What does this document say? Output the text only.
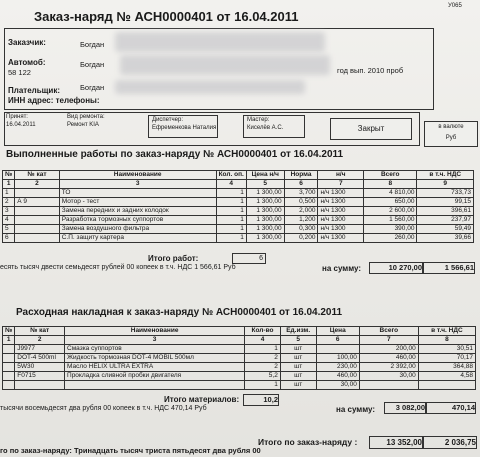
У065
Заказ-наряд № АСН0000401 от 16.04.2011
Заказчик:	Богдан
Автомоб:	Богдан
58 122	год вып. 2010 проб
Плательщик:	Богдан
ИНН адрес: телефоны:
Принят:
16.04.2011
Вид ремонта:
Ремонт KIA
Диспетчер:
Ефременкова Наталия
Мастер:
Киселёв А.С.	Закрыт	в валюте
Руб
Выполненные работы по заказ-наряду № АСН0000401 от 16.04.2011
№	№ кат	Наименование	Кол. оп.	Цена н/ч	Норма	н/ч	Всего	в т.ч. НДС
1	2	3	4	5	6	7	8	9
1		ТО	1	1 300,00	3,700	н/ч 1300	4 810,00	733,73
2	А 9	Мотор - тест	1	1 300,00	0,500	н/ч 1300	650,00	99,15
3		Замена передних и задних колодок	1	1 300,00	2,000	н/ч 1300	2 600,00	396,61
4		Разработка тормозных суппортов	1	1 300,00	1,200	н/ч 1300	1 560,00	237,97
5		Замена воздушного фильтра	1	1 300,00	0,300	н/ч 1300	390,00	59,49
6		С.П. защиту картера	1	1 300,00	0,200	н/ч 1300	260,00	39,66
Итого работ:	6
на сумму:	10 270,00	1 566,61
есять тысяч двести семьдесят рублей 00 копеек в т.ч. НДС 1 566,61 Руб
Расходная накладная к заказ-наряду № АСН0000401 от 16.04.2011
№	№ кат	Наименование	Кол-во	Ед.изм.	Цена	Всего	в т.ч. НДС
1	2	3	4	5	6	7	8
	J9977	Смазка суппортов	1	шт		200,00	30,51
	DOT-4 500ml	Жидкость тормозная DOT-4 MOBIL 500мл	2	шт	100,00	460,00	70,17
	5W30	Масло HELIX ULTRA EXTRA	2	шт	230,00	2 392,00	364,88
	F0715	Прокладка сливной пробки двигателя	5,2	шт	460,00	30,00	4,58
			1	шт	30,00		
Итого материалов:	10,2
на сумму:	3 082,00	470,14
тысячи восемьдесят два рубля 00 копеек в т.ч. НДС 470,14 Руб
Итого по заказ-наряду :	13 352,00	2 036,75
го по заказ-наряду: Тринадцать тысяч триста пятьдесят два рубля 00
